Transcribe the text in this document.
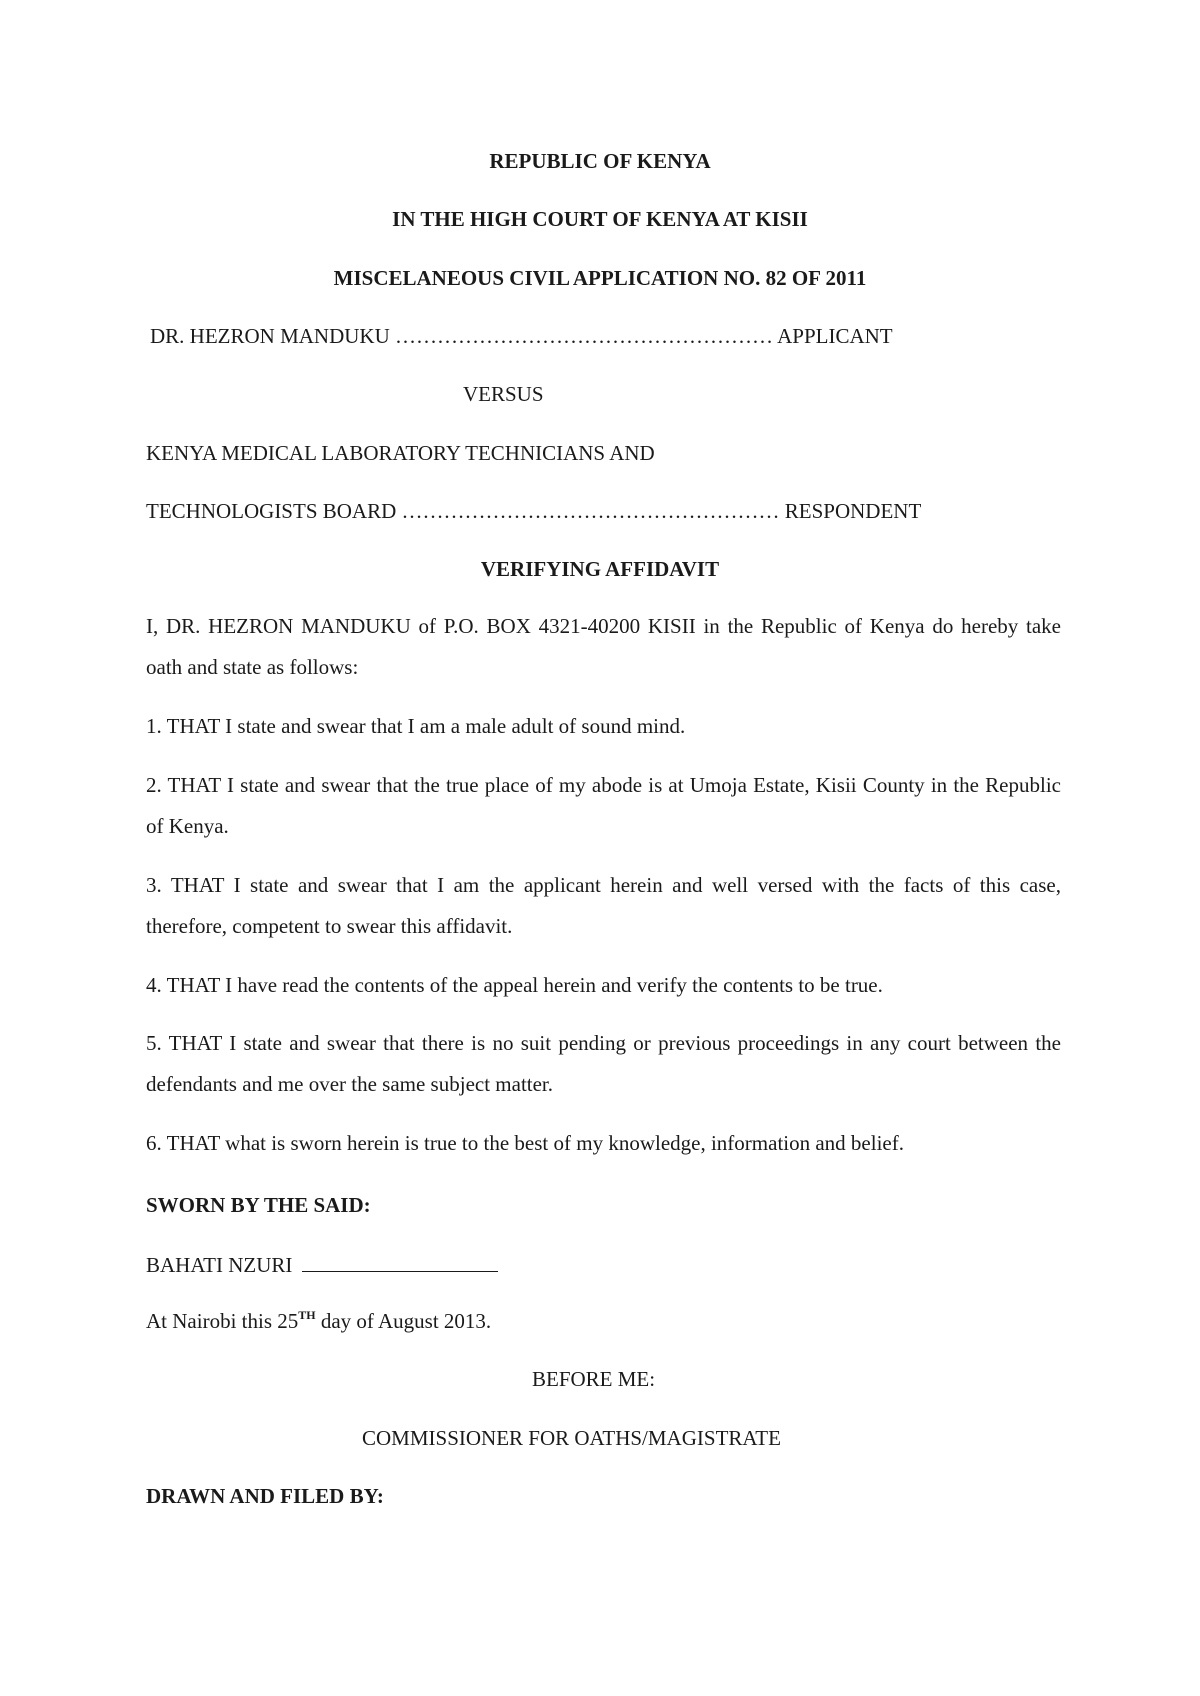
REPUBLIC OF KENYA
IN THE HIGH COURT OF KENYA AT KISII
MISCELANEOUS CIVIL APPLICATION NO. 82 OF 2011
DR. HEZRON MANDUKU ……………………………………………… APPLICANT
VERSUS
KENYA MEDICAL LABORATORY TECHNICIANS AND
TECHNOLOGISTS BOARD ……………………………………………… RESPONDENT
VERIFYING AFFIDAVIT

I, DR. HEZRON MANDUKU of P.O. BOX 4321-40200 KISII in the Republic of Kenya do hereby take oath and state as follows:

1. THAT I state and swear that I am a male adult of sound mind.

2. THAT I state and swear that the true place of my abode is at Umoja Estate, Kisii County in the Republic of Kenya.

3. THAT I state and swear that I am the applicant herein and well versed with the facts of this case, therefore, competent to swear this affidavit.

4. THAT I have read the contents of the appeal herein and verify the contents to be true.

5. THAT I state and swear that there is no suit pending or previous proceedings in any court between the defendants and me over the same subject matter.

6. THAT what is sworn herein is true to the best of my knowledge, information and belief.

SWORN BY THE SAID:
BAHATI NZURI
At Nairobi this 25TH day of August 2013.
BEFORE ME:
COMMISSIONER FOR OATHS/MAGISTRATE
DRAWN AND FILED BY:
